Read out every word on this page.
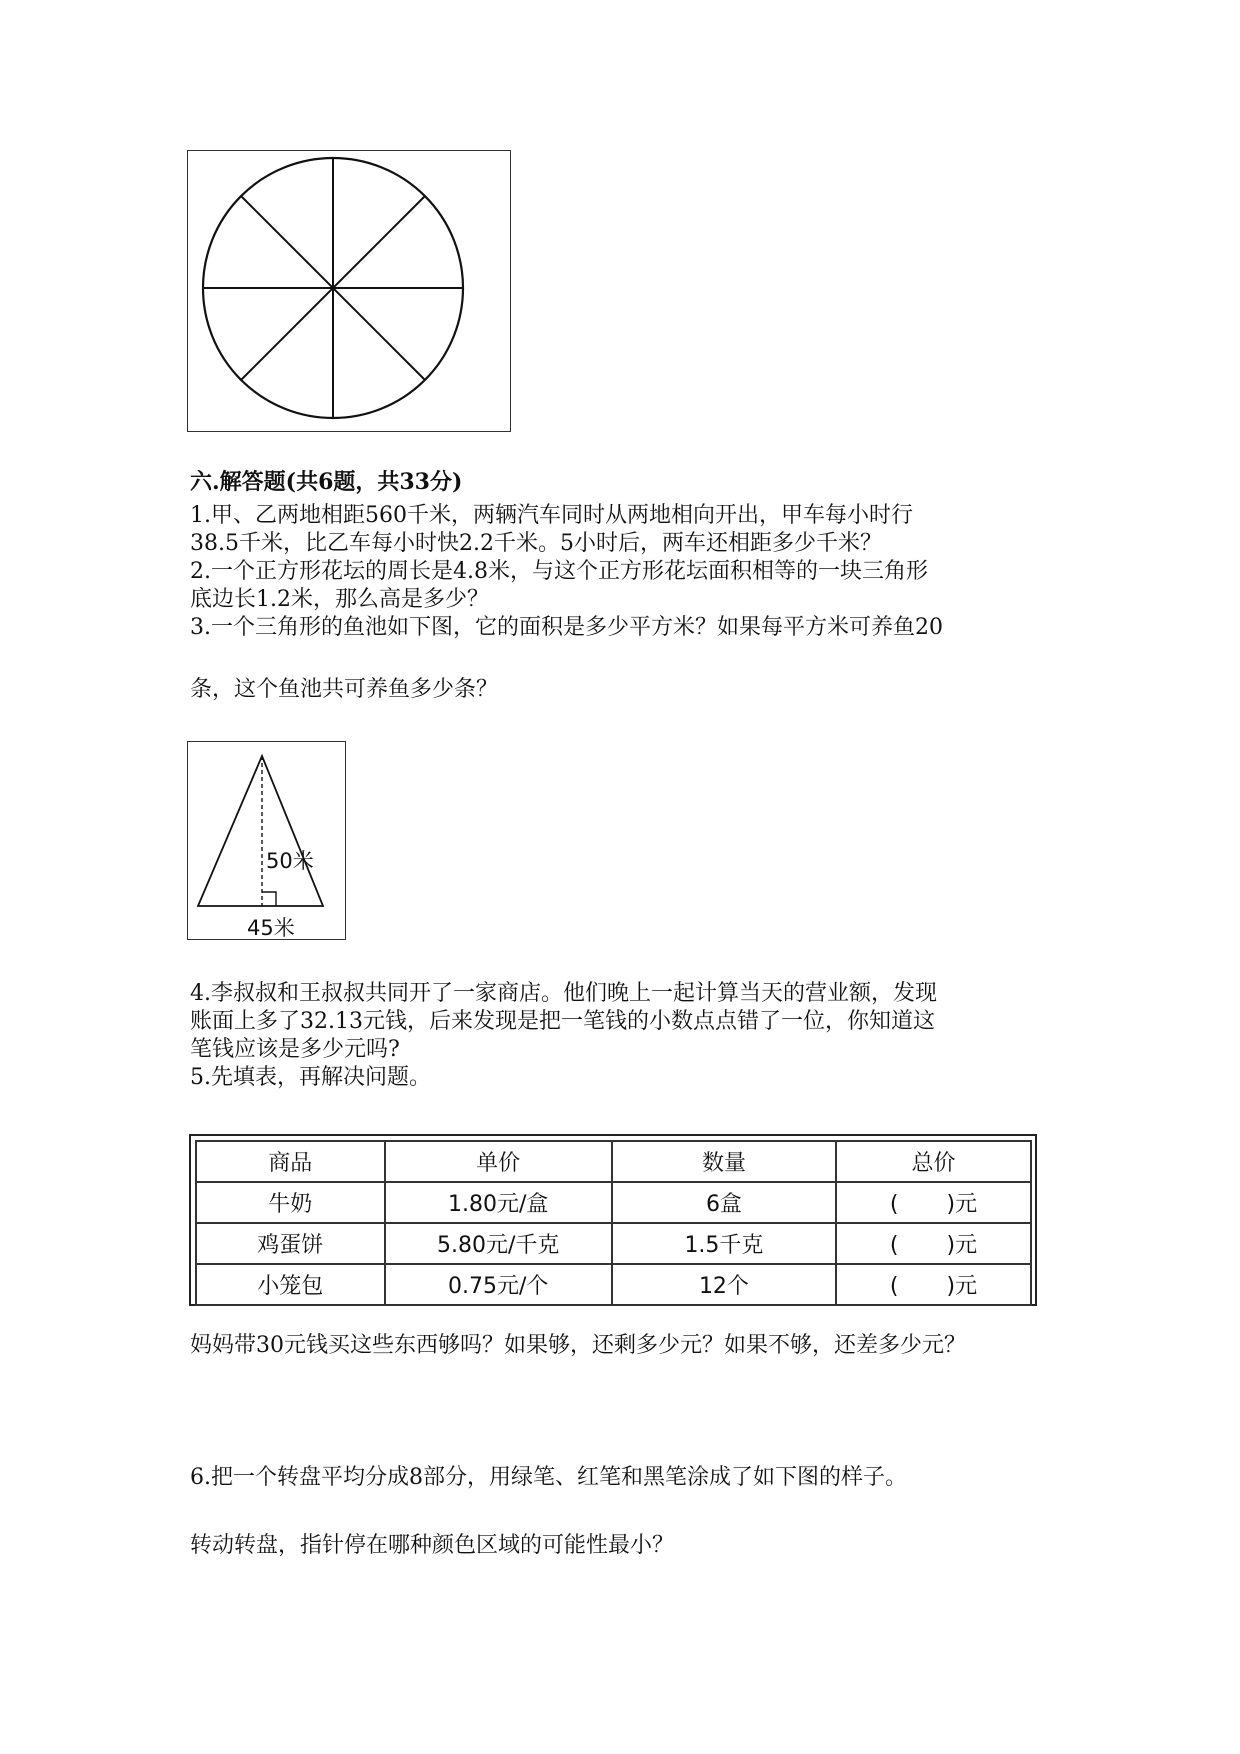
六.解答题(共6题，共33分)
1.甲、乙两地相距560千米，两辆汽车同时从两地相向开出，甲车每小时行
38.5千米，比乙车每小时快2.2千米。5小时后，两车还相距多少千米？
2.一个正方形花坛的周长是4.8米，与这个正方形花坛面积相等的一块三角形
底边长1.2米，那么高是多少？
3.一个三角形的鱼池如下图，它的面积是多少平方米？如果每平方米可养鱼20
条，这个鱼池共可养鱼多少条？
50米
45米
4.李叔叔和王叔叔共同开了一家商店。他们晚上一起计算当天的营业额，发现
账面上多了32.13元钱，后来发现是把一笔钱的小数点点错了一位，你知道这
笔钱应该是多少元吗?
5.先填表，再解决问题。
商品	单价	数量	总价
牛奶	1.80元/盒	6盒	( )元
鸡蛋饼	5.80元/千克	1.5千克	( )元
小笼包	0.75元/个	12个	( )元
妈妈带30元钱买这些东西够吗？如果够，还剩多少元？如果不够，还差多少元？
6.把一个转盘平均分成8部分，用绿笔、红笔和黑笔涂成了如下图的样子。
转动转盘，指针停在哪种颜色区域的可能性最小？
